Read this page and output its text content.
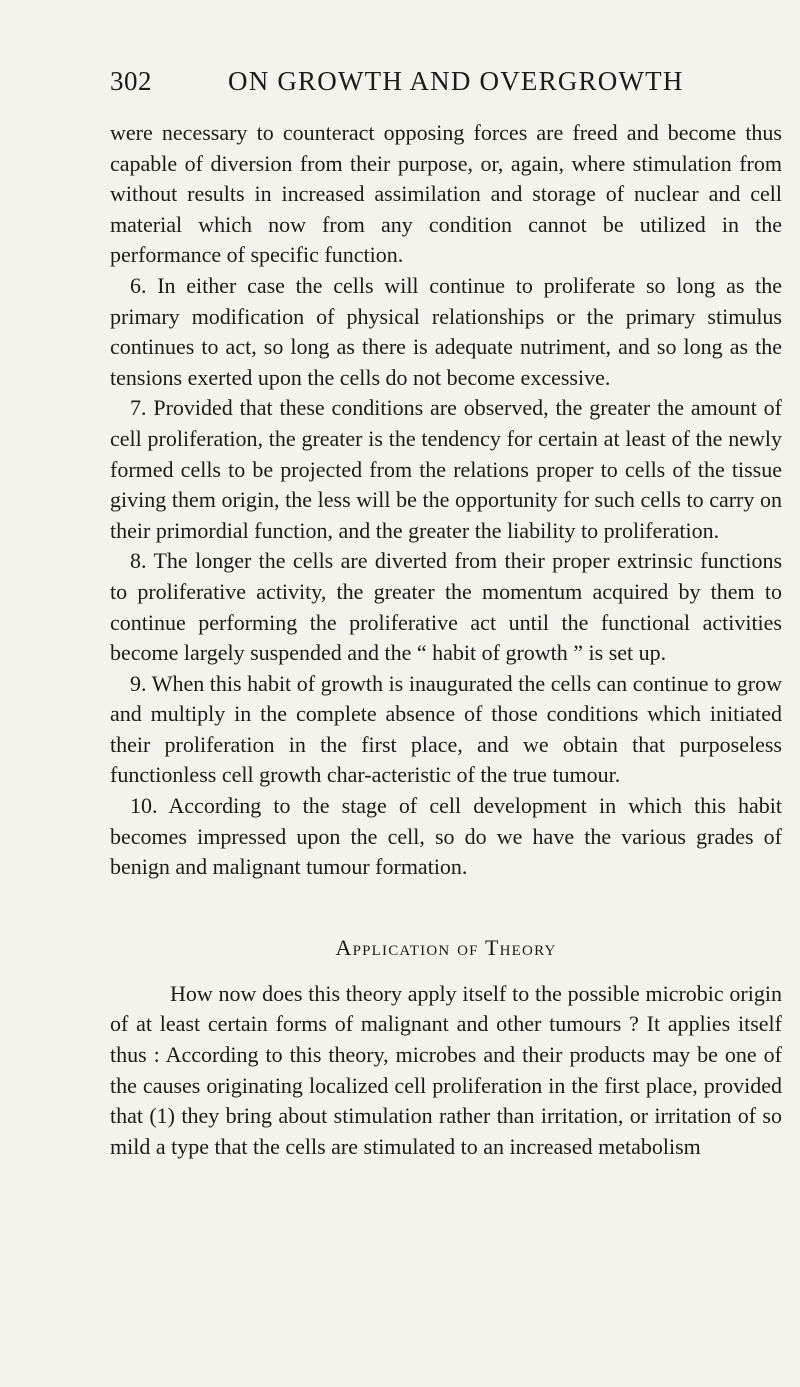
302	ON GROWTH AND OVERGROWTH

were necessary to counteract opposing forces are freed and become thus capable of diversion from their purpose, or, again, where stimulation from without results in increased assimilation and storage of nuclear and cell material which now from any condition cannot be utilized in the performance of specific function.

6. In either case the cells will continue to proliferate so long as the primary modification of physical relationships or the primary stimulus continues to act, so long as there is adequate nutriment, and so long as the tensions exerted upon the cells do not become excessive.

7. Provided that these conditions are observed, the greater the amount of cell proliferation, the greater is the tendency for certain at least of the newly formed cells to be projected from the relations proper to cells of the tissue giving them origin, the less will be the opportunity for such cells to carry on their primordial function, and the greater the liability to proliferation.

8. The longer the cells are diverted from their proper extrinsic functions to proliferative activity, the greater the momentum acquired by them to continue performing the proliferative act until the functional activities become largely suspended and the “ habit of growth ” is set up.

9. When this habit of growth is inaugurated the cells can continue to grow and multiply in the complete absence of those conditions which initiated their proliferation in the first place, and we obtain that purposeless functionless cell growth char-acteristic of the true tumour.

10. According to the stage of cell development in which this habit becomes impressed upon the cell, so do we have the various grades of benign and malignant tumour formation.

Application of Theory

How now does this theory apply itself to the possible microbic origin of at least certain forms of malignant and other tumours ? It applies itself thus : According to this theory, microbes and their products may be one of the causes originating localized cell proliferation in the first place, provided that (1) they bring about stimulation rather than irritation, or irritation of so mild a type that the cells are stimulated to an increased metabolism
